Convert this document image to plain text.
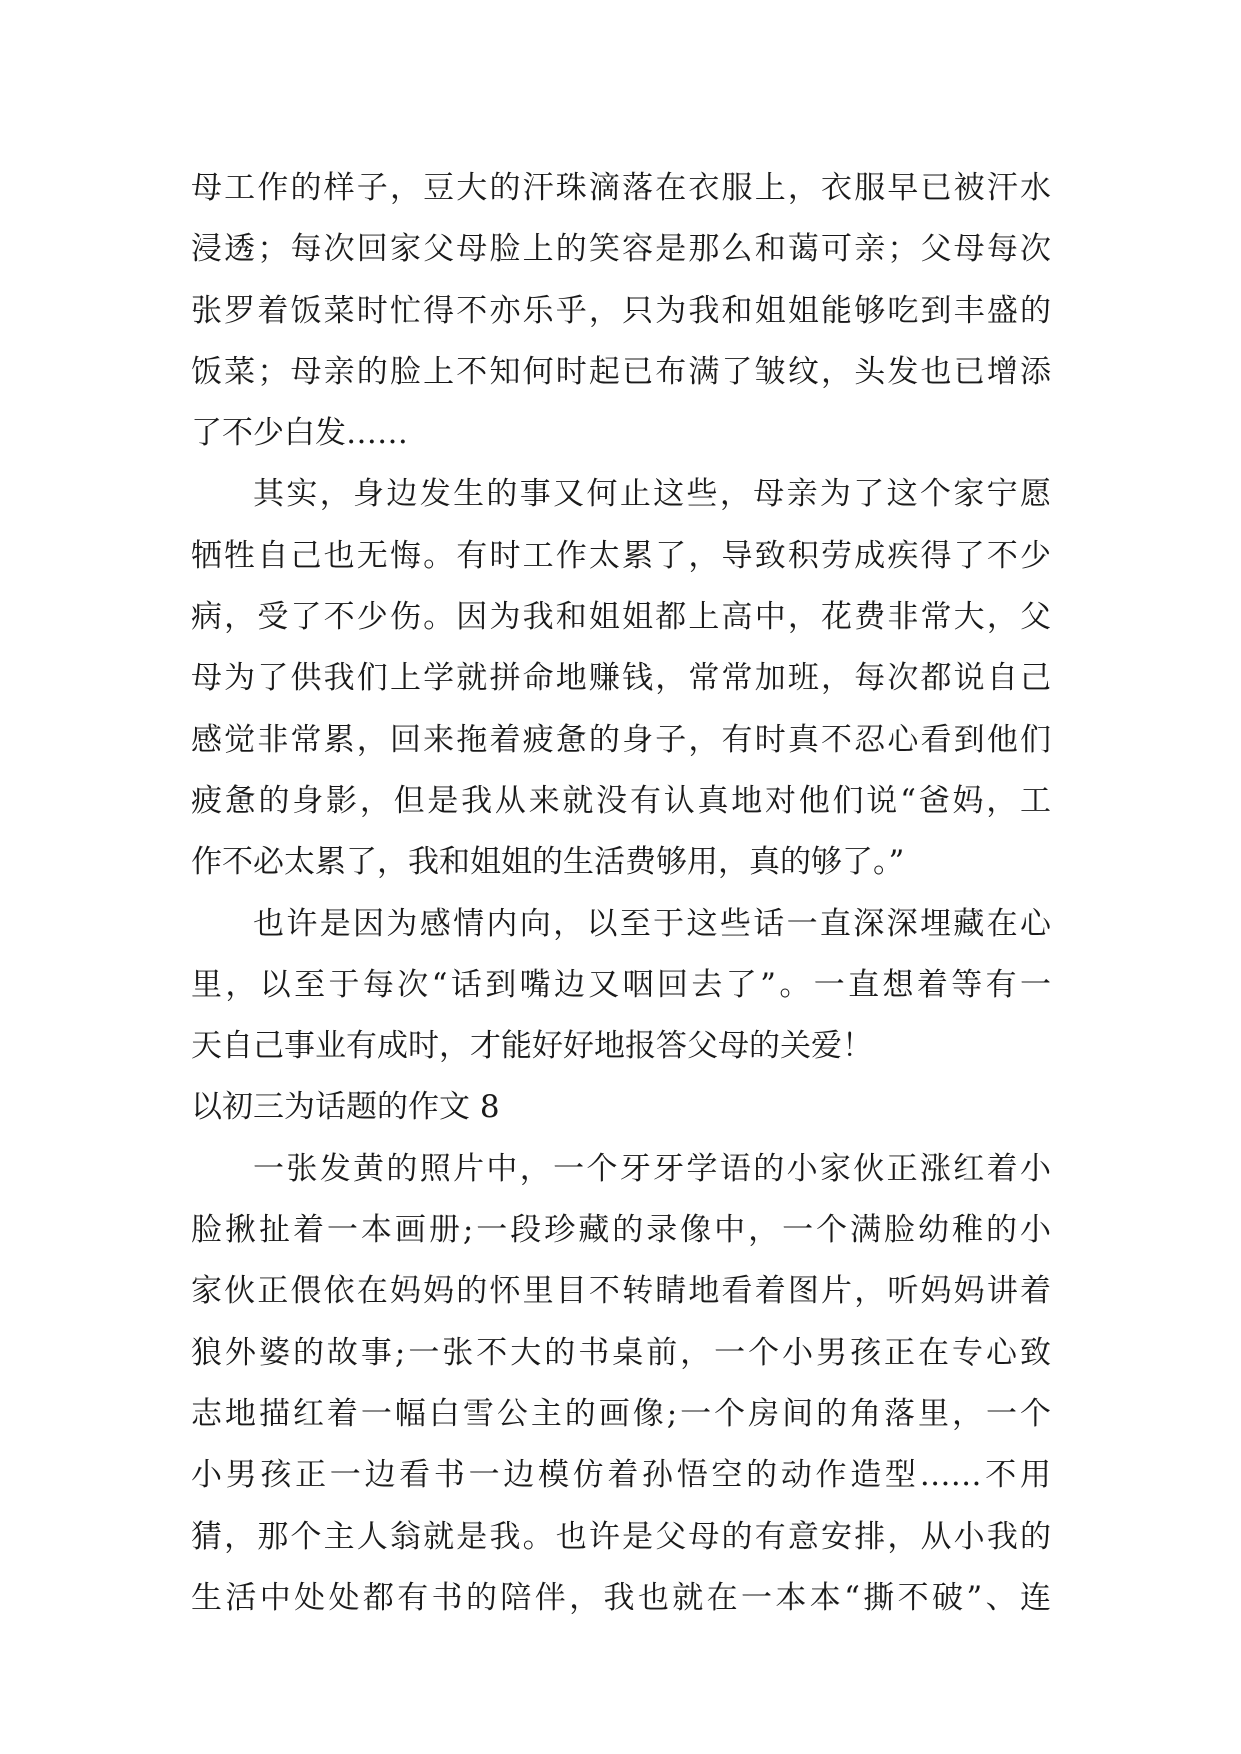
母工作的样子，豆大的汗珠滴落在衣服上，衣服早已被汗水
浸透；每次回家父母脸上的笑容是那么和蔼可亲；父母每次
张罗着饭菜时忙得不亦乐乎，只为我和姐姐能够吃到丰盛的
饭菜；母亲的脸上不知何时起已布满了皱纹，头发也已增添
了不少白发……
其实，身边发生的事又何止这些，母亲为了这个家宁愿
牺牲自己也无悔。有时工作太累了，导致积劳成疾得了不少
病，受了不少伤。因为我和姐姐都上高中，花费非常大，父
母为了供我们上学就拼命地赚钱，常常加班，每次都说自己
感觉非常累，回来拖着疲惫的身子，有时真不忍心看到他们
疲惫的身影，但是我从来就没有认真地对他们说“爸妈，工
作不必太累了，我和姐姐的生活费够用，真的够了。”
也许是因为感情内向，以至于这些话一直深深埋藏在心
里，以至于每次“话到嘴边又咽回去了”。一直想着等有一
天自己事业有成时，才能好好地报答父母的关爱！
以初三为话题的作文 8
一张发黄的照片中，一个牙牙学语的小家伙正涨红着小
脸揪扯着一本画册;一段珍藏的录像中，一个满脸幼稚的小
家伙正偎依在妈妈的怀里目不转睛地看着图片，听妈妈讲着
狼外婆的故事;一张不大的书桌前，一个小男孩正在专心致
志地描红着一幅白雪公主的画像;一个房间的角落里，一个
小男孩正一边看书一边模仿着孙悟空的动作造型……不用
猜，那个主人翁就是我。也许是父母的有意安排，从小我的
生活中处处都有书的陪伴，我也就在一本本“撕不破”、连
